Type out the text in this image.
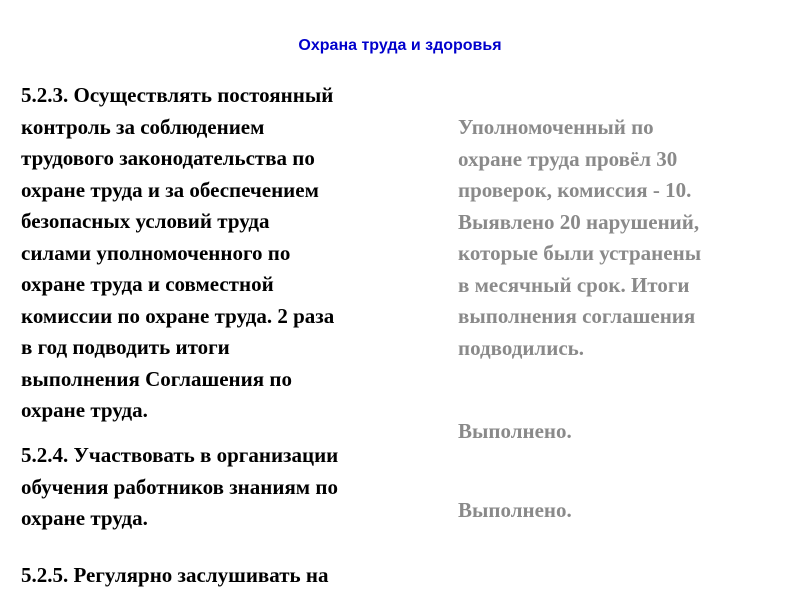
Охрана труда и здоровья
5.2.3. Осуществлять постоянный
контроль за соблюдением
трудового законодательства по
охране труда и за обеспечением
безопасных условий труда
силами уполномоченного по
охране труда и совместной
комиссии по охране труда. 2 раза
в год подводить итоги
выполнения Соглашения по
охране труда.
5.2.4. Участвовать в организации
обучения работников знаниям по
охране труда.
5.2.5. Регулярно заслушивать на
Уполномоченный по
охране труда провёл 30
проверок, комиссия - 10.
Выявлено 20 нарушений,
которые были устранены
в месячный срок. Итоги
выполнения соглашения
подводились.
Выполнено.
Выполнено.
